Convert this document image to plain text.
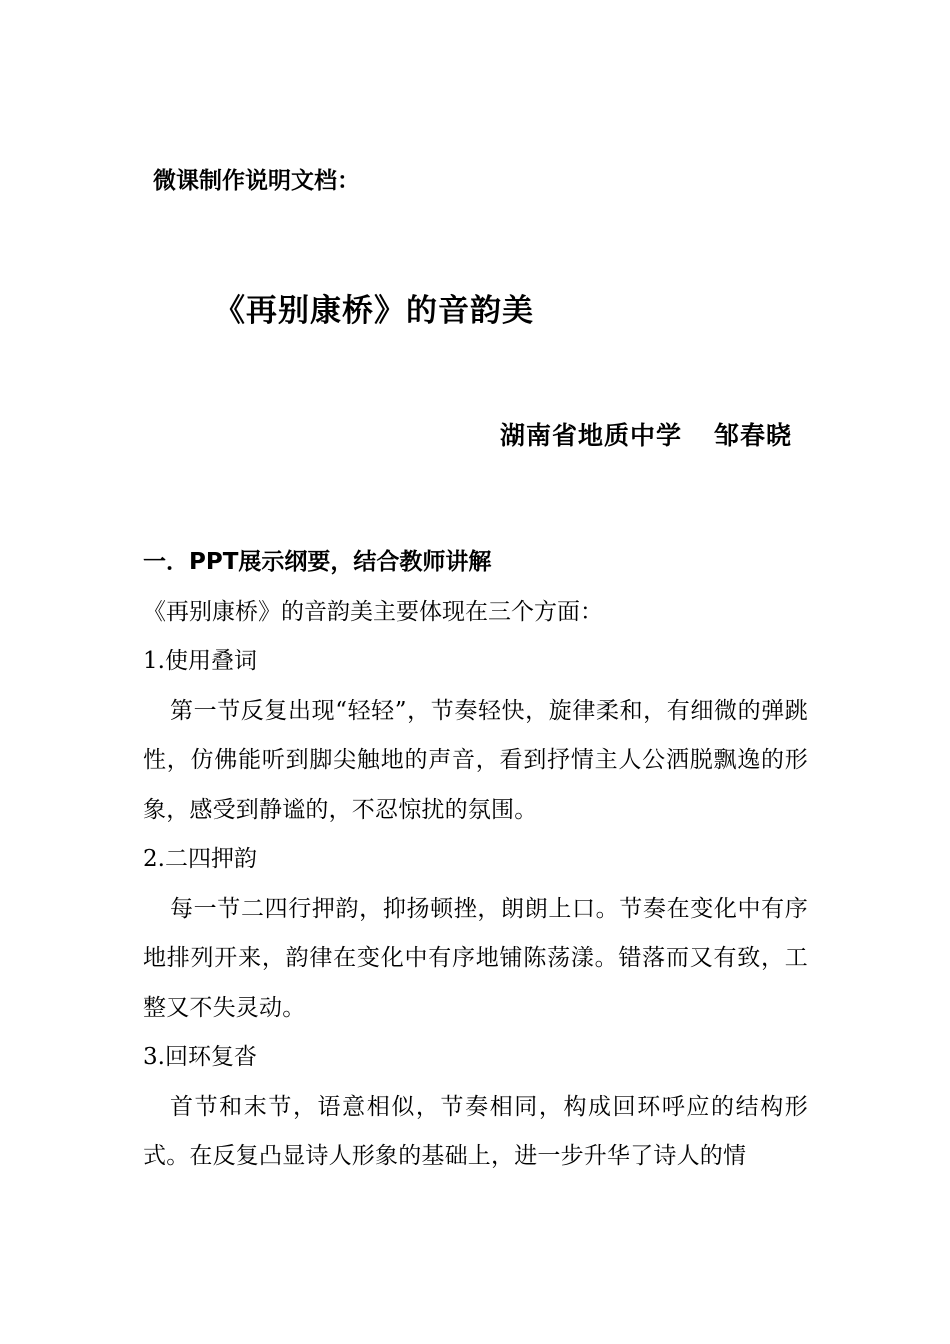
微课制作说明文档：
《再别康桥》的音韵美
湖南省地质中学 邹春晓

一．PPT展示纲要，结合教师讲解

《再别康桥》的音韵美主要体现在三个方面：

1.使用叠词

第一节反复出现“轻轻”，节奏轻快，旋律柔和，有细微的弹跳性，仿佛能听到脚尖触地的声音，看到抒情主人公洒脱飘逸的形象，感受到静谧的，不忍惊扰的氛围。

2.二四押韵

每一节二四行押韵，抑扬顿挫，朗朗上口。节奏在变化中有序地排列开来，韵律在变化中有序地铺陈荡漾。错落而又有致，工整又不失灵动。

3.回环复沓

首节和末节，语意相似，节奏相同，构成回环呼应的结构形式。在反复凸显诗人形象的基础上，进一步升华了诗人的情
